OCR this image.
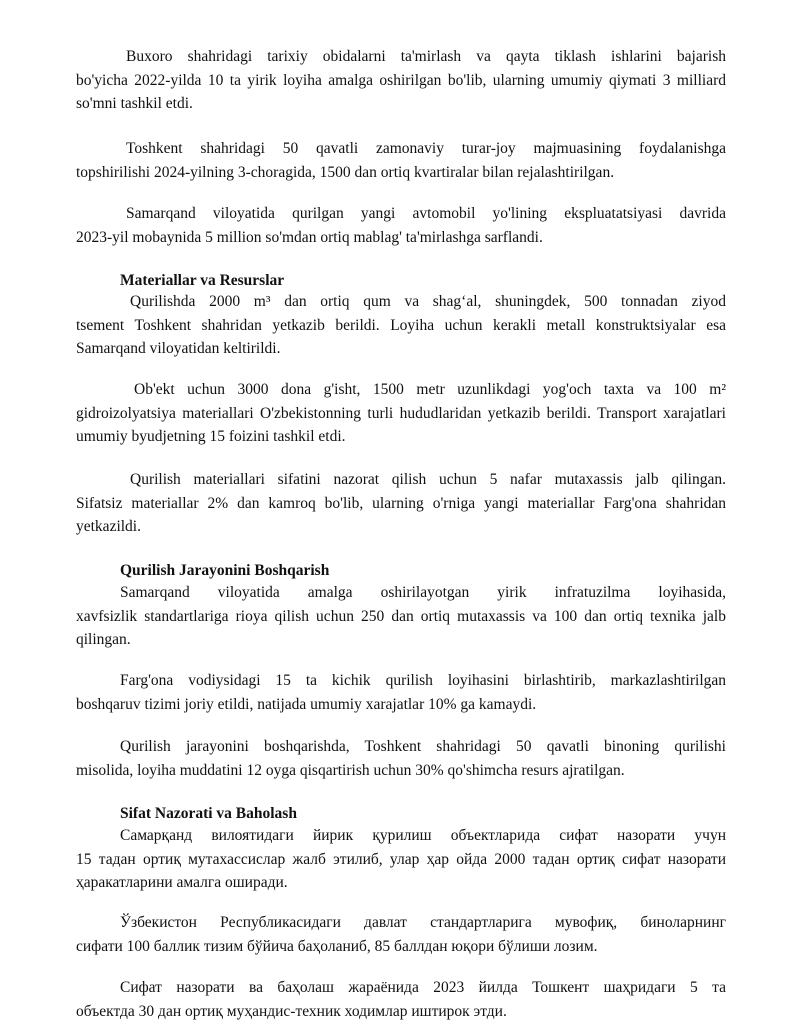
Buxoro shahridagi tarixiy obidalarni ta'mirlash va qayta tiklash ishlarini bajarish
bo'yicha 2022-yilda 10 ta yirik loyiha amalga oshirilgan bo'lib, ularning umumiy qiymati 3 milliard so'mni tashkil etdi.

Toshkent shahridagi 50 qavatli zamonaviy turar-joy majmuasining foydalanishga
topshirilishi 2024-yilning 3-choragida, 1500 dan ortiq kvartiralar bilan rejalashtirilgan.

Samarqand viloyatida qurilgan yangi avtomobil yo'lining ekspluatatsiyasi davrida
2023-yil mobaynida 5 million so'mdan ortiq mablag' ta'mirlashga sarflandi.

Materiallar va Resurslar

Qurilishda 2000 m³ dan ortiq qum va shag‘al, shuningdek, 500 tonnadan ziyod
tsement Toshkent shahridan yetkazib berildi. Loyiha uchun kerakli metall konstruktsiyalar esa Samarqand viloyatidan keltirildi.

Ob'ekt uchun 3000 dona g'isht, 1500 metr uzunlikdagi yog'och taxta va 100 m²
gidroizolyatsiya materiallari O'zbekistonning turli hududlaridan yetkazib berildi. Transport xarajatlari umumiy byudjetning 15 foizini tashkil etdi.

Qurilish materiallari sifatini nazorat qilish uchun 5 nafar mutaxassis jalb qilingan.
Sifatsiz materiallar 2% dan kamroq bo'lib, ularning o'rniga yangi materiallar Farg'ona shahridan yetkazildi.

Qurilish Jarayonini Boshqarish

Samarqand viloyatida amalga oshirilayotgan yirik infratuzilma loyihasida,
xavfsizlik standartlariga rioya qilish uchun 250 dan ortiq mutaxassis va 100 dan ortiq texnika jalb qilingan.

Farg'ona vodiysidagi 15 ta kichik qurilish loyihasini birlashtirib, markazlashtirilgan
boshqaruv tizimi joriy etildi, natijada umumiy xarajatlar 10% ga kamaydi.

Qurilish jarayonini boshqarishda, Toshkent shahridagi 50 qavatli binoning qurilishi
misolida, loyiha muddatini 12 oyga qisqartirish uchun 30% qo'shimcha resurs ajratilgan.

Sifat Nazorati va Baholash

Самарқанд вилоятидаги йирик қурилиш объектларида сифат назорати учун
15 тадан ортиқ мутахассислар жалб этилиб, улар ҳар ойда 2000 тадан ортиқ сифат назорати ҳаракатларини амалга оширади.

Ўзбекистон Республикасидаги давлат стандартларига мувофиқ, биноларнинг
сифати 100 баллик тизим бўйича баҳоланиб, 85 баллдан юқори бўлиши лозим.

Сифат назорати ва баҳолаш жараёнида 2023 йилда Тошкент шаҳридаги 5 та
объектда 30 дан ортиқ муҳандис-техник ходимлар иштирок этди.
